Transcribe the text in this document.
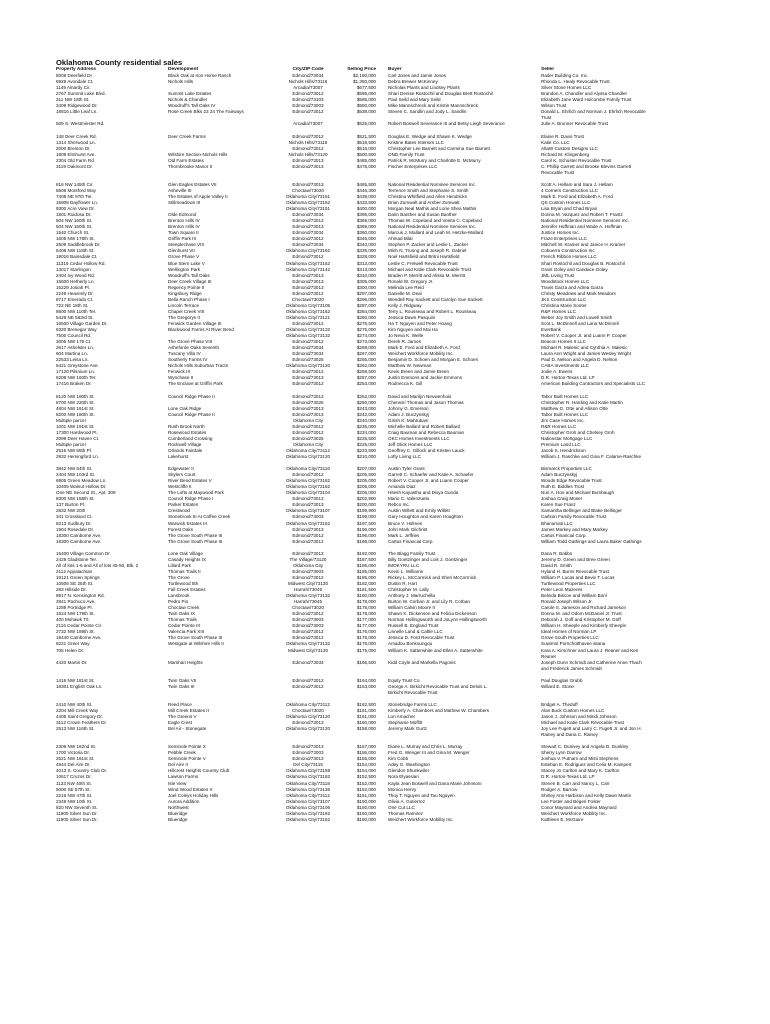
Oklahoma County residential sales
Property Address	Development	City/ZIP Code	Selling Price	Buyer	Seller
5008 Deerfield Dr.	Black Oak at Iron Horse Ranch	Edmond/73034	$2,150,000	Carl Jones and Jamie Jones	Rader Building Co. Inc.
6929 Avondale Ct.	Nichols Hills	Nichols Hills/73116	$1,350,000	Debra Brewer McKinney	Rhonda L. Healy Revocable Trust
1149 Alnardy Cir.	Arcadia/73007	$677,500	Nicholas Plants and Lindsey Plants	Silver Stone Homes LLC
2767 Summit Lake Blvd.	Summit Lake Estates	Edmond/73012	$595,000	Shari Denise Rostochil and Douglas Brett Rostochil	Brandon A. Chandler and Alyssa Chandler
311 NW 18th St.	Nichols & Chandler	Edmond/73103	$585,000	Paul Seild and Mary Seild	Elizabeth Jane Ward Holcombe Family Trust
3409 Ridgewood Dr.	Woodruff's Tall Oaks IV	Edmond/73003	$550,000	Mike Mannschreck and Kristin Mannschreck	Wilson Trust
18816 Little Leaf Ln.	Rose Creek Blks 23 24 The Fairways	Edmond/73012	$538,000	Steven C. Sandlin and Jody L. Sandlin	Donald L. Ehrlich and Norman J. Ehrlich Revocable
Trust
509 S. Westminster Rd.	Arcadia/73007	$525,000	Robert Boswell Severance III and Betsy Leigh Severance	Julie A. Brunner Revocable Trust
148 Deer Creek Rd.	Deer Creek Farms	Edmond/73012	$521,500	Douglas E. Wedge and Shawn K. Wedge	Elaine R. Davis Trust
1314 Sherwood Ln.	Nichols Hills/73116	$516,500	Kristine Bates Interiors LLC	Katie Co. LLC
2000 Brenton Dr.	Edmond/73012	$515,000	Christopher Lee Barnett and Carmina Sue Barnett	AltaW Custom Designs LLC
1809 Elmhurst Ave.	Wilshire Section-Nichols Hills	Nichols Hills/73120	$500,500	OND Family Trust	Richard M. Klingenberg
2304 Old Farm Rd.	Old Farm Estates	Edmond/73013	$485,000	Patrick R. McMurry and Charlotte E. McMurry	Carol K. Schuster Revocable Trust
3119 Oakmont Dr.	Thornbrooke Manor II	Edmond/73013	$475,000	Fischer Enterprises LLC	C. Phillip Garrett and Brooke Blevins Garrett
Revocable Trust
816 NW 145th Cir.	Glen Eagles Estates VII	Edmond/73013	$465,500	National Residential Nominee Services Inc.	Scott A. Hellam and Sara J. Hellam
5509 Montford Way	Asheville III	Choctaw/73020	$446,300	Terrence Smith and Stephanie S. Smith	4 Corners Construction LLC
7408 NE 97th Ter.	The Estates of Apple Valley II	Oklahoma City/73151	$439,000	Christina Whitfield and Allen Hendricks	Mark E. Ford and Elizabeth A. Ford
15908 Dayflower Ln.	Stillmeadows III	Oklahoma City/73162	$433,500	Brian Zumwalt and Amber Zumwalt	QS Custom Homes LLC
9300 Acre View Dr.	Oklahoma City/73151	$400,000	Morgan Neal Mathis and Lorie Shea Mathis	Lisa Bryan and Chad Bryan
1801 Ruidosa Dr.	Olde Edmond	Edmond/73034	$395,000	Darin Banther and Susan Banther	Donna M. Vazquez and Robert T. Frantz
504 NW 160th St.	Brenton Hills IV	Edmond/73013	$369,000	Thomas W. Copeland and Venita C. Copeland	National Residential Nominee Services Inc.
504 NW 160th St.	Brenton Hills IV	Edmond/73013	$369,000	National Residential Nominee Services Inc.	Jennifer Hoffman and Wade A. Hoffman
1540 Church St.	Town Square II	Edmond/73034	$360,000	Marcus J. Mallard and Leah M. Hetzke-Mallard	Justice Homes Inc.
1605 NW 178th St.	Griffin Park III	Edmond/73012	$345,000	Ahmad Bilal	Fraze Enterprises LLC
2509 Saddlebrook Dr.	Steeplechase VIII	Edmond/73034	$340,000	Stephen P. Zacker and Leslie L. Zacker	Mitchell W. Kramer and Janice H. Kramer
5408 NW 118th St.	Glenhurst VII	Oklahoma City/73162	$335,000	Minh N. Truong and Joseph R. Gabriel	Cobuerra Construction Inc.
19016 Bainsdale Ct.	Grove Phase V	Edmond/73012	$328,000	Noel Hartsfield and Britni Hartsfield	French Ribbon Homes LLC
11316 Cedar Hollow Rd.	Blue Stem Lake V	Oklahoma City/73162	$313,000	Leslie C. Fretwell Revocable Trust	Shari Rostochil and Douglas B. Rostochil
13017 Starlingon	Wellington Park	Oklahoma City/73142	$313,000	Michael and Katie Clark Revocable Trust	Grant Goley and Candace Goley
2404 Ivy Wood Rd.	Woodruff's Tall Oaks	Edmond/73013	$310,000	Braden P. Merritt and Alissa M. Merritt	JML Living Trust
15600 Hetherly Ln.	Deer Creek Village III	Edmond/73013	$305,000	Ronald W. Gregory Jr.	Woodstock Homes LLC
16229 Josiah Pl.	Regency Pointe II	Edmond/73013	$300,000	Melinda Lee Reid	Travis Garza and Adrea Garza
2249 Heavenly Dr.	Kingsbury Ridge	Edmond/73012	$297,000	Danielle M. Deal	Christy Meadows and Mark Meadors
8717 Emerado Ct.	Bella Ranch Phase I	Choctaw/73020	$296,000	Wendell Ray Sackett and Carolyn Sue Sackett	JKS Construction LLC
722 NE 18th St.	Lincoln Terrace	Oklahoma City/73105	$287,000	Kelly J. Ridgway	Christina Marie Sooter
8600 NW 110th Ter.	Chapel Creek VIII	Oklahoma City/73162	$284,000	Terry L. Rousseau and Robert L. Rousseau	R&P Homes LLC
5429 NE 563rd St.	The Gregorys II	Oklahoma City/73121	$280,000	Jessica Dawn Pasquini	Weber Joy Smith and Lowell Smith
16500 Village Garden Dr.	Fenwick Garden Village III	Edmond/73012	$275,500	Ha T. Nguyen and Peter Hoang	Scot L. McDinnell and Lana McDinnell
6320 Brenegar Way	Blackwood Farms At River Bend	Oklahoma City/73132	$275,000	Kim Nguyen and Mai Ha	EverBank
7500 Council Rd.	Oklahoma City/73132	$274,000	Jo Neva K. Welle	Robert V. Cooper Jr. and Luann P. Cooper
3005 NW 179 Ct.	The Grove Phase VIII	Edmond/73012	$273,000	Derek R. James	Beacon Homes II LLC
2617 Ashelster Ln.	Asheforde Oaks Seventh	Edmond/73034	$269,000	Mark E. Ford and Elizabeth A. Ford	Michael R. Malesic and Cynthia A. Malesic
604 Martina Ln.	Tuscany Villa IV	Edmond/73034	$267,000	Weichert Workforce Mobility Inc.	Laura Ann Wright and James Wesley Wright
22533 Leisa Ln.	Southerly Farms IV	Edmond/73025	$265,000	Benjamin D. Schoen and Morgan E. Schoen	Paul D. Nelson and Angela D. Nelson
8421 Greystone Ave.	Nichols Hills Suburban Tracts	Oklahoma City/73120	$262,000	Matthew W. Newman	CABA Investments LLC
17120 Pilsnium Ln.	Fenwick IX	Edmond/73012	$258,500	Kevin Breen and Jamie Breen	Jodie A. Ewens
6208 NW 160th Ter.	Wynchase II	Edmond/73013	$257,000	Justin Emmons and Jackie Emmons	D.R. Horton-Texas Ltd. LP
17416 Braken Dr.	The Enclave at Griffin Park	Edmond/73012	$253,000	Rodnecca K. Gill	American Building Contractors and Specialists LLC
8120 NW 180th St.	Council Ridge Phase II	Edmond/73013	$252,000	David and Marilyn Neuwenhuis	Tabor Built Homes LLC
8700 NW 220th St.	Edmond/73025	$250,000	Cheramí Thomas and Jason Thomas	Christopher R. Harding and Katie Martin
4804 NW 161st St.	Lone Oak Ridge	Edmond/73013	$243,000	Johnny G. Emerson	Matthew G. Otte and Allison Otte
8200 NW 180th St.	Council Ridge Phase II	Edmond/73013	$242,000	Adam J. Buczynskyj	Tabor Built Homes LLC
Multiple parcel	Oklahoma City	$240,000	Girish K. Mahtubani	Jim Case Homes Inc.
1001 NW 191st St.	Rush Brook North	Edmond/73012	$235,000	Michelle Ballard and Robert Ballard	R&R Homes LLC
17300 Hardwood Pl.	Rosewood Estates	Edmond/73012	$234,000	Craig Bauman and Rebecca Bauman	Christopher Groh and Chelsey Groh
2099 Deer Haven Ct.	Cumberland Crossing	Edmond/73025	$225,500	OKC Homes Investments LLC	Nationstar Mortgage LLC
Multiple parcel	Rockwell Village	Oklahoma City	$225,000	Jeff Glick Homes LLC	Premium Land LLC
2516 NW 58th Pl.	Orlando Fairdale	Oklahoma City/73112	$223,500	Geoffrey C. Gillock and Kristen Lauck	Jacob S. Hendrickson
2932 Hemingford Ln.	Lakehurst	Oklahoma City/73120	$210,000	Lofty Living LLC	William J. Raschke and Gina F. Calame-Raschke
3842 NW 64th St.	Edgewater II	Oklahoma City/73116	$207,000	Austin Tyler Grant	Bismarck Properties LLC
2404 NW 103rd St.	Skylers Court	Edmond/73012	$205,500	Garrett C. Schaefer and Katie A. Schaefer	Adam Buczynskyj
6905 Green Meadow Ln.	River Bend Estates V	Oklahoma City/73162	$205,000	Robert V. Cooper Jr. and Luann Cooper	Woods Edge Revocable Trust
10405 Walnut Hollow Dr.	Westcliffe II	Oklahoma City/73162	$205,000	Amanda Diaz	Ruth E. Biddles Trust
One NE Second St., Apt. 309	The Lofts at Maywood Park	Oklahoma City/73104	$205,000	Hitesh Kayastha and Divya Gunda	Nuri A. Hoo and Michael Bumbaugh
8300 NW 158th St.	Council Ridge Phase I	Edmond/73013	$202,900	Mario C. Valenzuela	Joshua Craig Moser
137 Burton Pl.	Parker Estates	Edmond/73013	$200,000	Rebco Inc.	Karen Sue Franz
2832 NW 20th	Crestwood	Oklahoma City/73107	$199,900	Austin Willett and Emily Willett	Samantha Bellinger and Blake Bellinger
341 Crossland Ct.	Stonebrook III At Coffee Creek	Edmond/73003	$199,000	Gary Houghton and Karen Houghton	Carlson Family Revocable Trust
8213 Sudbury Dr.	Warwick Estates III	Oklahoma City/73162	$197,500	Bruce V. Holmes	Bhanumati LLC
1904 Rosedale Dr.	Forest Oaks	Edmond/73013	$196,000	John Mark Gilchrist	James Markey and Mary Markey
18300 Cambome Ave.	The Grove South Phase III	Edmond/73012	$196,000	Mark L. Jeffries	Cartus Financial Corp.
18300 Cambome Ave.	The Grove South Phase III	Edmond/73012	$196,000	Cartus Financial Corp.	William Todd Gathings and Laura Baker Gathings
16400 Village Common Dr.	Lone Oak Village	Edmond/73013	$192,000	The Blagg Family Trust	Dana R. Babbs
2428 Gladstone Ter.	Casady Heights IX	The Village/73120	$187,500	Billy Goetzinger and Lois J. Goetzinger	Jeremy D. Green and Bree Green
All of lots 1-6 and All of lots 45-50, Blk. 2	Lillard Park	Oklahoma City	$185,000	IMOKYRU LLC	David R. Smith
2112 Appalachian	Thomas Trails II	Edmond/73003	$185,000	Kevin L. Williams	Hyland H. Burns Revocable Trust
19121 Green Springs	The Grove	Edmond/73012	$185,000	Rickey L. McCormick and Sheri McCormick	William P. Lucas and Bevie T. Lucas
10506 SE 25th St.	Turtlewood 5th	Midwest City/73130	$182,000	Dustin R. Hart	Turtlewood Properties LLC
283 Hillside Dr.	Fall Creek Estates	Harrah/73045	$181,500	Christopher M. Lally	Peter Leon Mazeres
8917 N. Kensington Rd.	Lansbrook	Oklahoma City/73132	$180,000	Anthony J. Marruchella	Belinda Biscoe and William Bonl
2841 Pachuco Ave.	Pedro Pio	Harrah/73045	$178,000	Burton W. Corban Jr. and Lily R. Corban	Ronald Joseph Wilson Jr.
1289 Portridge Pl.	Choctaw Creek	Choctaw/73020	$178,000	William Calvin Moore II	Carole S. Jameson and Richard Jameson
1524 NW 179th St.	Twin Oaks IX	Edmond/73012	$178,000	Shawn K. Dickenson and Felicia Dickenson	Donna M. and Odom McDaniel Jr. Trust
400 Mohawk Trl.	Thomas Trails	Edmond/73003	$177,000	Norman Hollingsworth and JoLynn Hollingsworth	Deborah J. Goff and Kristopher M. Goff
2116 Cedar Pointe Cir.	Cedar Pointe III	Edmond/73003	$177,000	Russell B. England Trust	William H. Sheeple and Kimberly Sheeple
2732 NW 189th St.	Valencia Park XIII	Edmond/73012	$176,000	Linnelle Land & Cattle LLC	Ideal Homes of Norman LP
18440 Cambome Ave.	The Grove South Phase III	Edmond/73012	$175,000	Jessica D. Ford Revocable Trust	Grove South Properties LLC
8221 Greer Way	Westgate at Wilshire Hills II	Oklahoma City/73132	$175,000	Amadou Bonkoungou	Suwimol Pornchotthavee sitana
705 Helen Dr.	Midwest City/73130	$175,000	William K. Satterwhite and Ellen A. Satterwhite	Kara A. Kirschner and Laura J. Reaner and Ken
Reaner
4420 Martin Dr.	Marshan Heights	Edmond/73034	$166,500	Kidd Coyle and Markella Pagonis	Joseph Dunn Schmidt and Catherine Anne Thach
and Frederick James Schmidt
1416 NW 181st St.	Twin Oaks VII	Edmond/73012	$164,000	Equity Trust Co.	Paul Douglas Grubb
18301 English Oak Ln.	Twin Oaks III	Edmond/73012	$163,000	George A. Birkicht Revocable Trust and Delois L.	Willard E. Stone
Birkicht Revocable Trust
2410 NW 40th St.	Reed Place	Oklahoma City/73112	$162,500	Stonebridge Farms LLC	Bridget A. Theduff
2204 Mill Creek Way	Mill Creek Estates II	Choctaw/73020	$161,000	Kimberly A. Chambers and Mathew W. Chambers	Alan Buck Custom Homes LLC
4405 Saint Gregory Dr.	The Greens V	Oklahoma City/73120	$161,000	Lori Amacher	Jason J. Johnson and Mindi Johnson
3112 Crown Feathers Dr.	Eagle Crest	Edmond/73013	$160,000	Stephanie Moffitt	Michael and Katie Clark Revocable Trust
2513 NW 116th St.	Bel Air - Stonegate	Oklahoma City/73120	$158,000	Jeremy Mark Gurtz	Joy Lee Fugett and Larry C. Fugett Jr. and Jon H.
Rainey and Dana C. Rainey
2309 NW 162nd St.	Seminole Pointe X	Edmond/73013	$157,000	Diane L. Murray and Chris L. Murray	Stewart C. Dunivey and Angela D. Dunkley
1700 Victoria Dr.	Pebble Creek	Edmond/73003	$156,000	Fred G. Wenger III and Gina M. Wenger	Sherry Lynn Darrow
2521 NW 161st St.	Seminole Pointe V	Edmond/73013	$155,000	Kim Cobb	Joshua V. Putnam and Misti Stephens
4844 Del Aire Dr.	Del Aire II	Del City/73115	$154,000	Adey G. Washington	Esteban E. Rodriguez and Celia M. Kampert
4013 S. Country Club Dr.	Hillcrest Heights Country Club	Oklahoma City/73159	$154,000	Glendon Shunkwiler	Stacey Jo Carlton and Mary K. Carlton
10617 Cruzos Dr.	Lawson Farms	Oklahoma City/73162	$152,500	Nora Elyassian	D.R. Horton-Texas Ltd. LP
1133 NW 40th St.	Isle View	Oklahoma City/73118	$152,000	Kayla Jean Boswell and Dana Marie Johnsoni	Steven B. Carr and Nancy L. Carr
5000 SE 57th St.	Wind Wood Estates X	Oklahoma City/73135	$152,000	Monica Henry	Rodger A. Barrow
2216 NW 47th St.	Joel Coleys Holiday Hills	Oklahoma City/73112	$151,000	Thuy T. Nguyen and Tau Nguyen	Shirley Ann Harbison and Kelly Dawn Martin
2349 NW 10th St.	Aurora Addition	Oklahoma City/73107	$150,000	Olivia A. Gutierrez	Lee Foster and Bégeri Foster
820 NW Seventh St.	Northwest	Oklahoma City/73106	$150,000	One Cut LLC	Conor Maynard and Andrea Maynard
11900 Silver Sun Dr.	Blueridge	Oklahoma City/73162	$150,000	Thomas Ramirez	Weichert Workforce Mobility Inc.
11900 Silver Sun Dr.	Blueridge	Oklahoma City/73162	$150,000	Weichert Workforce Mobility Inc.	Kathleen E. McGuire
